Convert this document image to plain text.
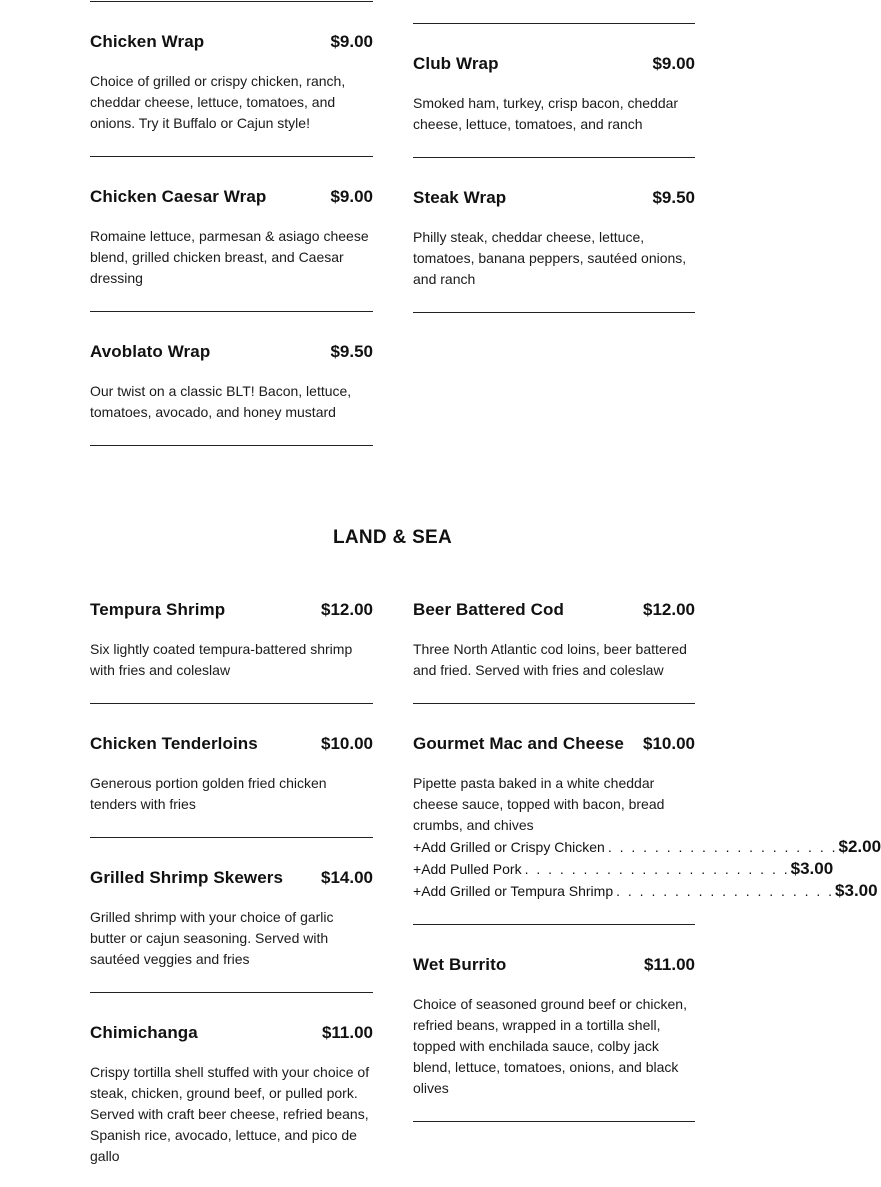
Chicken Wrap	$9.00
Choice of grilled or crispy chicken, ranch, cheddar cheese, lettuce, tomatoes, and onions. Try it Buffalo or Cajun style!
Chicken Caesar Wrap	$9.00
Romaine lettuce, parmesan & asiago cheese blend, grilled chicken breast, and Caesar dressing
Avoblato Wrap	$9.50
Our twist on a classic BLT! Bacon, lettuce, tomatoes, avocado, and honey mustard
Club Wrap	$9.00
Smoked ham, turkey, crisp bacon, cheddar cheese, lettuce, tomatoes, and ranch
Steak Wrap	$9.50
Philly steak, cheddar cheese, lettuce, tomatoes, banana peppers, sautéed onions, and ranch
LAND & SEA
Tempura Shrimp	$12.00
Six lightly coated tempura-battered shrimp with fries and coleslaw
Chicken Tenderloins	$10.00
Generous portion golden fried chicken tenders with fries
Grilled Shrimp Skewers $14.00
Grilled shrimp with your choice of garlic butter or cajun seasoning. Served with sautéed veggies and fries
Chimichanga	$11.00
Crispy tortilla shell stuffed with your choice of steak, chicken, ground beef, or pulled pork. Served with craft beer cheese, refried beans, Spanish rice, avocado, lettuce, and pico de gallo
Beer Battered Cod	$12.00
Three North Atlantic cod loins, beer battered and fried. Served with fries and coleslaw
Gourmet Mac and Cheese $10.00
Pipette pasta baked in a white cheddar cheese sauce, topped with bacon, bread crumbs, and chives
+ Add Grilled or Crispy Chicken . . . . . . . . . . . . . . . . . . . . $2.00
+ Add Pulled Pork . . . . . . . . . . . . . . . . . . . . . . . $3.00
+ Add Grilled or Tempura Shrimp . . . . . . . . . . . . . . . . . . . $3.00
Wet Burrito	$11.00
Choice of seasoned ground beef or chicken, refried beans, wrapped in a tortilla shell, topped with enchilada sauce, colby jack blend, lettuce, tomatoes, onions, and black olives
